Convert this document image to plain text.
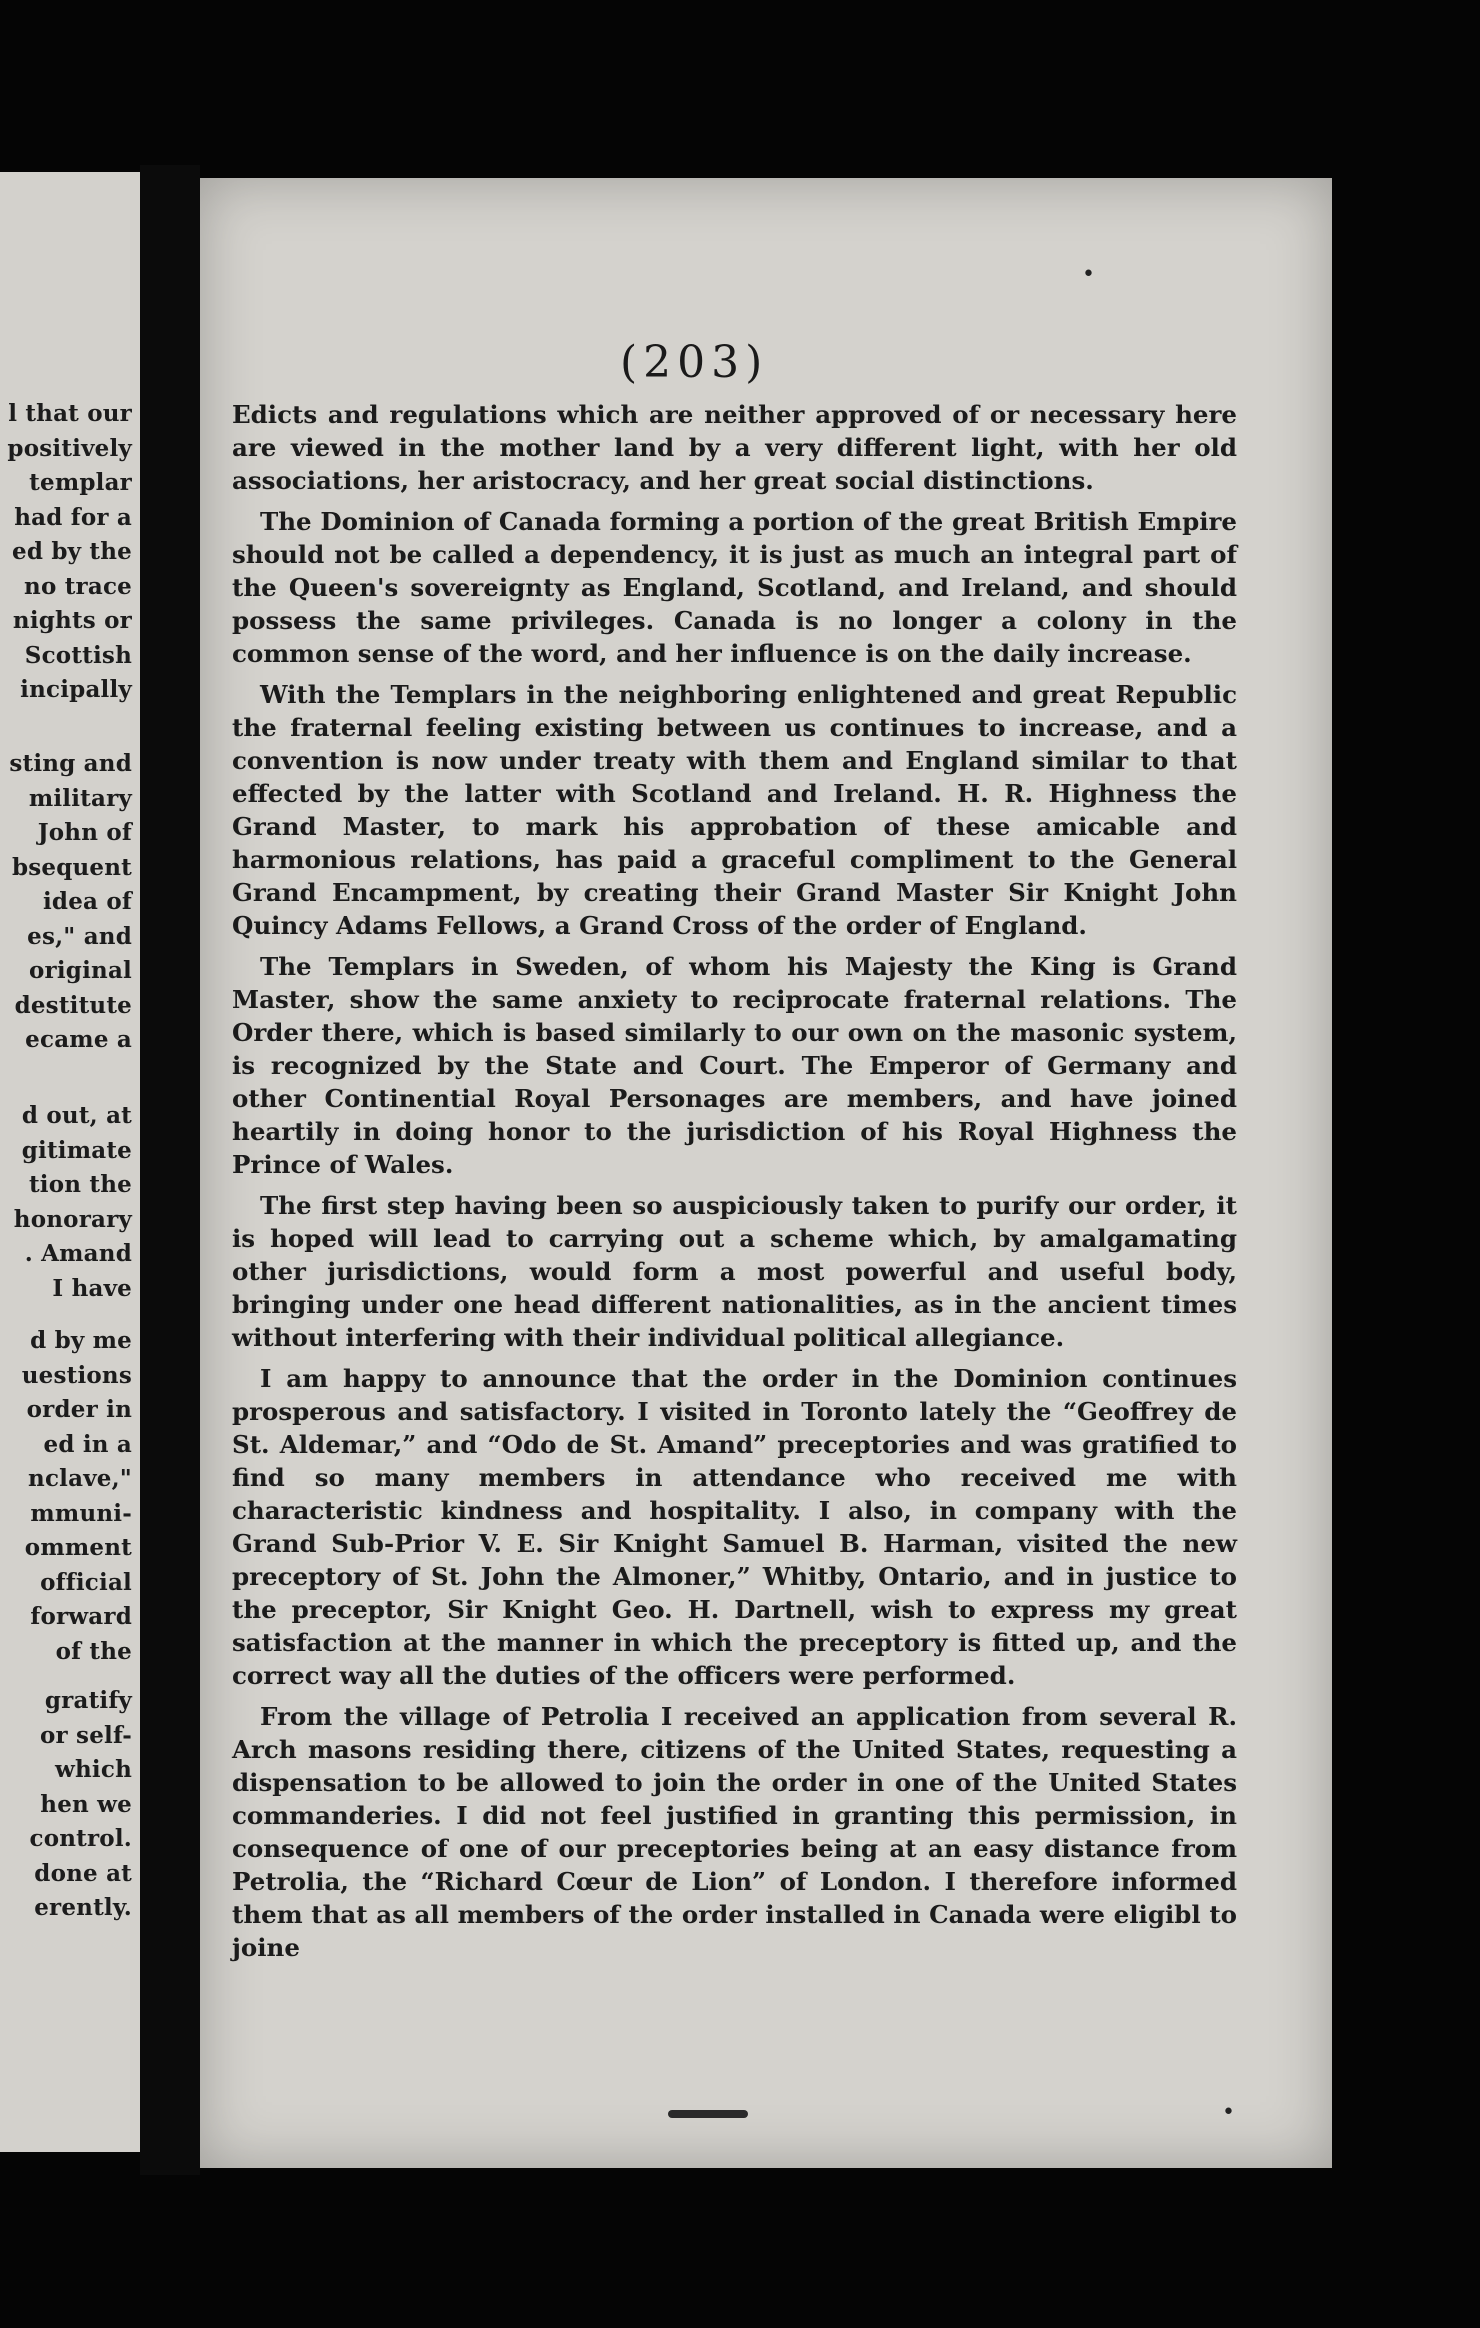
l that our
positively
templar
had for a
ed by the
no trace
nights or
Scottish
incipally
sting and
military
John of
bsequent
idea of
es," and
original
destitute
ecame a
d out, at
gitimate
tion the
honorary
. Amand
I have
d by me
uestions
order in
ed in a
nclave,"
mmuni-
omment
official
forward
of the
gratify
or self-
which
hen we
control.
done at
erently.
(203)

Edicts and regulations which are neither approved of or necessary here are viewed in the mother land by a very different light, with her old associations, her aristocracy, and her great social distinctions.

The Dominion of Canada forming a portion of the great British Empire should not be called a dependency, it is just as much an integral part of the Queen's sovereignty as England, Scotland, and Ireland, and should possess the same privileges. Canada is no longer a colony in the common sense of the word, and her influence is on the daily increase.

With the Templars in the neighboring enlightened and great Republic the fraternal feeling existing between us continues to increase, and a convention is now under treaty with them and England similar to that effected by the latter with Scotland and Ireland. H. R. Highness the Grand Master, to mark his approbation of these amicable and harmonious relations, has paid a graceful compliment to the General Grand Encampment, by creating their Grand Master Sir Knight John Quincy Adams Fellows, a Grand Cross of the order of England.

The Templars in Sweden, of whom his Majesty the King is Grand Master, show the same anxiety to reciprocate fraternal relations. The Order there, which is based similarly to our own on the masonic system, is recognized by the State and Court. The Emperor of Germany and other Continential Royal Personages are members, and have joined heartily in doing honor to the jurisdiction of his Royal Highness the Prince of Wales.

The first step having been so auspiciously taken to purify our order, it is hoped will lead to carrying out a scheme which, by amalgamating other jurisdictions, would form a most powerful and useful body, bringing under one head different nationalities, as in the ancient times without interfering with their individual political allegiance.

I am happy to announce that the order in the Dominion continues prosperous and satisfactory. I visited in Toronto lately the “Geoffrey de St. Aldemar,” and “Odo de St. Amand” preceptories and was gratified to find so many members in attendance who received me with characteristic kindness and hospitality. I also, in company with the Grand Sub-Prior V. E. Sir Knight Samuel B. Harman, visited the new preceptory of St. John the Almoner,” Whitby, Ontario, and in justice to the preceptor, Sir Knight Geo. H. Dartnell, wish to express my great satisfaction at the manner in which the preceptory is fitted up, and the correct way all the duties of the officers were performed.

From the village of Petrolia I received an application from several R. Arch masons residing there, citizens of the United States, requesting a dispensation to be allowed to join the order in one of the United States commanderies. I did not feel justified in granting this permission, in consequence of one of our preceptories being at an easy distance from Petrolia, the “Richard Cœur de Lion” of London. I therefore informed them that as all members of the order installed in Canada were eligibl to joine

•
•
